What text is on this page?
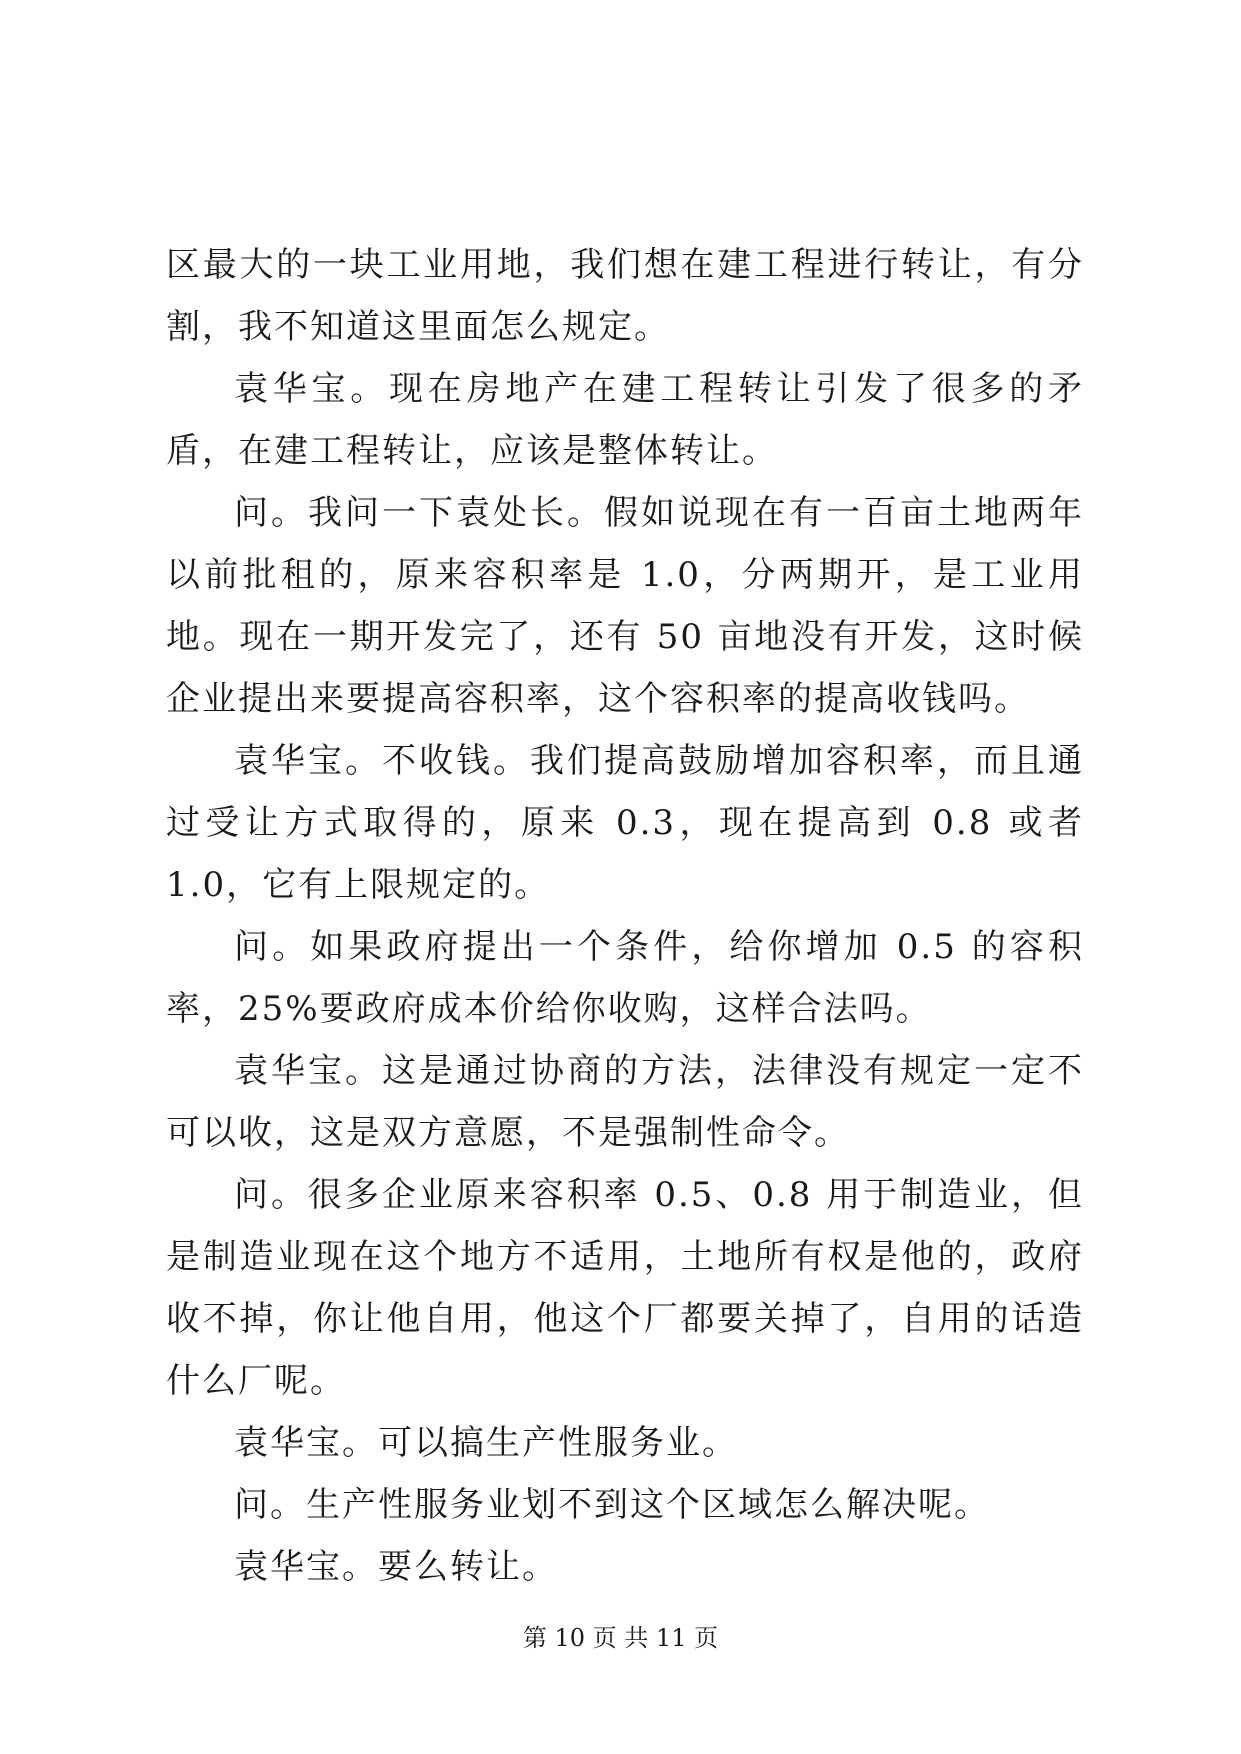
区最大的一块工业用地，我们想在建工程进行转让，有分割，我不知道这里面怎么规定。

袁华宝。现在房地产在建工程转让引发了很多的矛盾，在建工程转让，应该是整体转让。

问。我问一下袁处长。假如说现在有一百亩土地两年以前批租的，原来容积率是 1.0，分两期开，是工业用地。现在一期开发完了，还有 50 亩地没有开发，这时候企业提出来要提高容积率，这个容积率的提高收钱吗。

袁华宝。不收钱。我们提高鼓励增加容积率，而且通过受让方式取得的，原来 0.3，现在提高到 0.8 或者 1.0，它有上限规定的。

问。如果政府提出一个条件，给你增加 0.5 的容积率，25%要政府成本价给你收购，这样合法吗。

袁华宝。这是通过协商的方法，法律没有规定一定不可以收，这是双方意愿，不是强制性命令。

问。很多企业原来容积率 0.5、0.8 用于制造业，但是制造业现在这个地方不适用，土地所有权是他的，政府收不掉，你让他自用，他这个厂都要关掉了，自用的话造什么厂呢。

袁华宝。可以搞生产性服务业。

问。生产性服务业划不到这个区域怎么解决呢。

袁华宝。要么转让。

第 10 页 共 11 页
